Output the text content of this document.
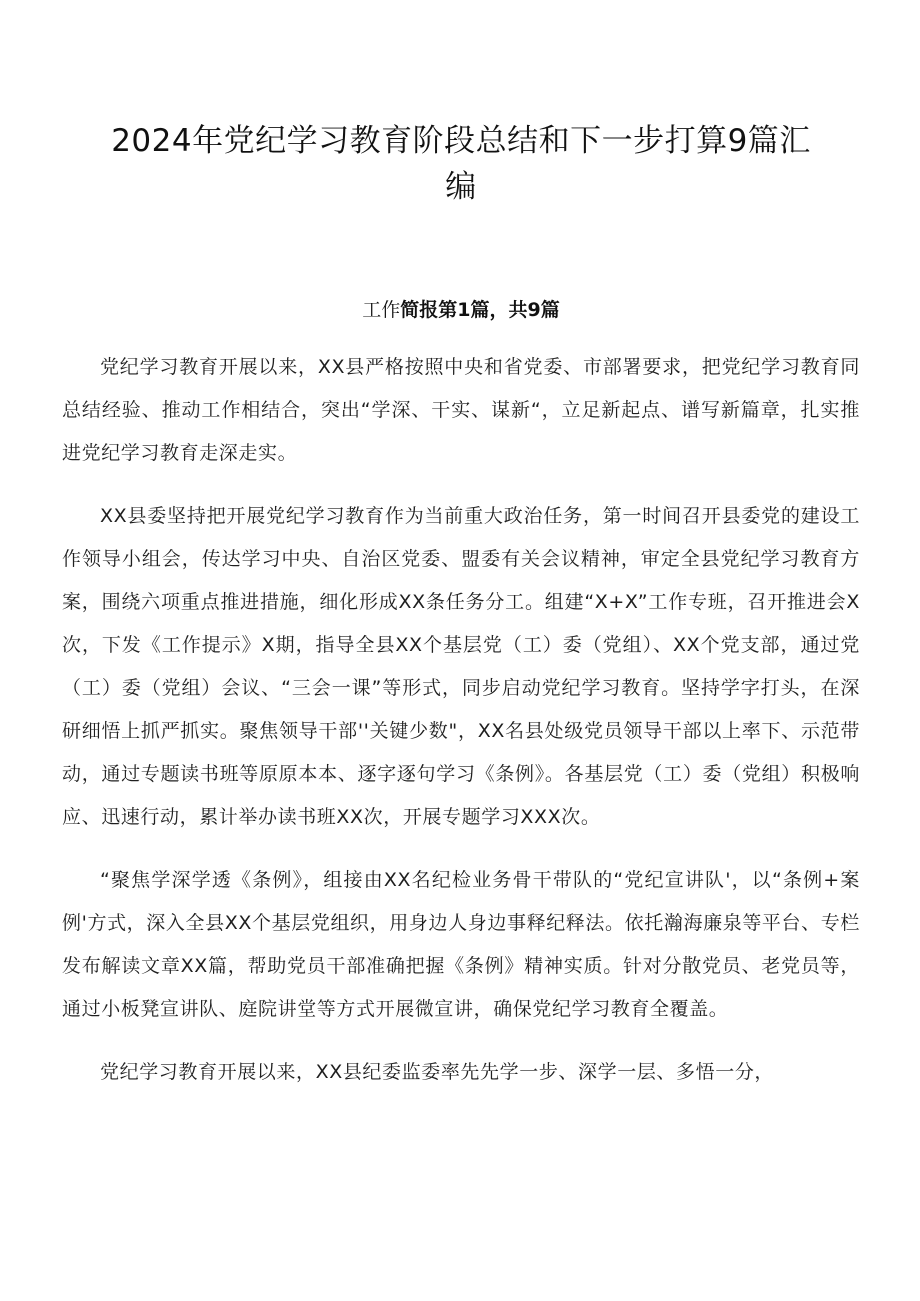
2024年党纪学习教育阶段总结和下一步打算9篇汇编
工作简报第1篇，共9篇

党纪学习教育开展以来，XX县严格按照中央和省党委、市部署要求，把党纪学习教育同总结经验、推动工作相结合，突出“学深、干实、谋新“，立足新起点、谱写新篇章，扎实推进党纪学习教育走深走实。

XX县委坚持把开展党纪学习教育作为当前重大政治任务，第一时间召开县委党的建设工作领导小组会，传达学习中央、自治区党委、盟委有关会议精神，审定全县党纪学习教育方案，围绕六项重点推进措施，细化形成XX条任务分工。组建“X+X”工作专班，召开推进会X次，下发《工作提示》X期，指导全县XX个基层党（工）委（党组）、XX个党支部，通过党（工）委（党组）会议、“三会一课”等形式，同步启动党纪学习教育。坚持学字打头，在深研细悟上抓严抓实。聚焦领导干部''关键少数"，XX名县处级党员领导干部以上率下、示范带动，通过专题读书班等原原本本、逐字逐句学习《条例》。各基层党（工）委（党组）积极响应、迅速行动，累计举办读书班XX次，开展专题学习XXX次。

“聚焦学深学透《条例》，组接由XX名纪检业务骨干带队的“党纪宣讲队'，以“条例+案例'方式，深入全县XX个基层党组织，用身边人身边事释纪释法。依托瀚海廉泉等平台、专栏发布解读文章XX篇，帮助党员干部准确把握《条例》精神实质。针对分散党员、老党员等，通过小板凳宣讲队、庭院讲堂等方式开展微宣讲，确保党纪学习教育全覆盖。

党纪学习教育开展以来，XX县纪委监委率先先学一步、深学一层、多悟一分，
